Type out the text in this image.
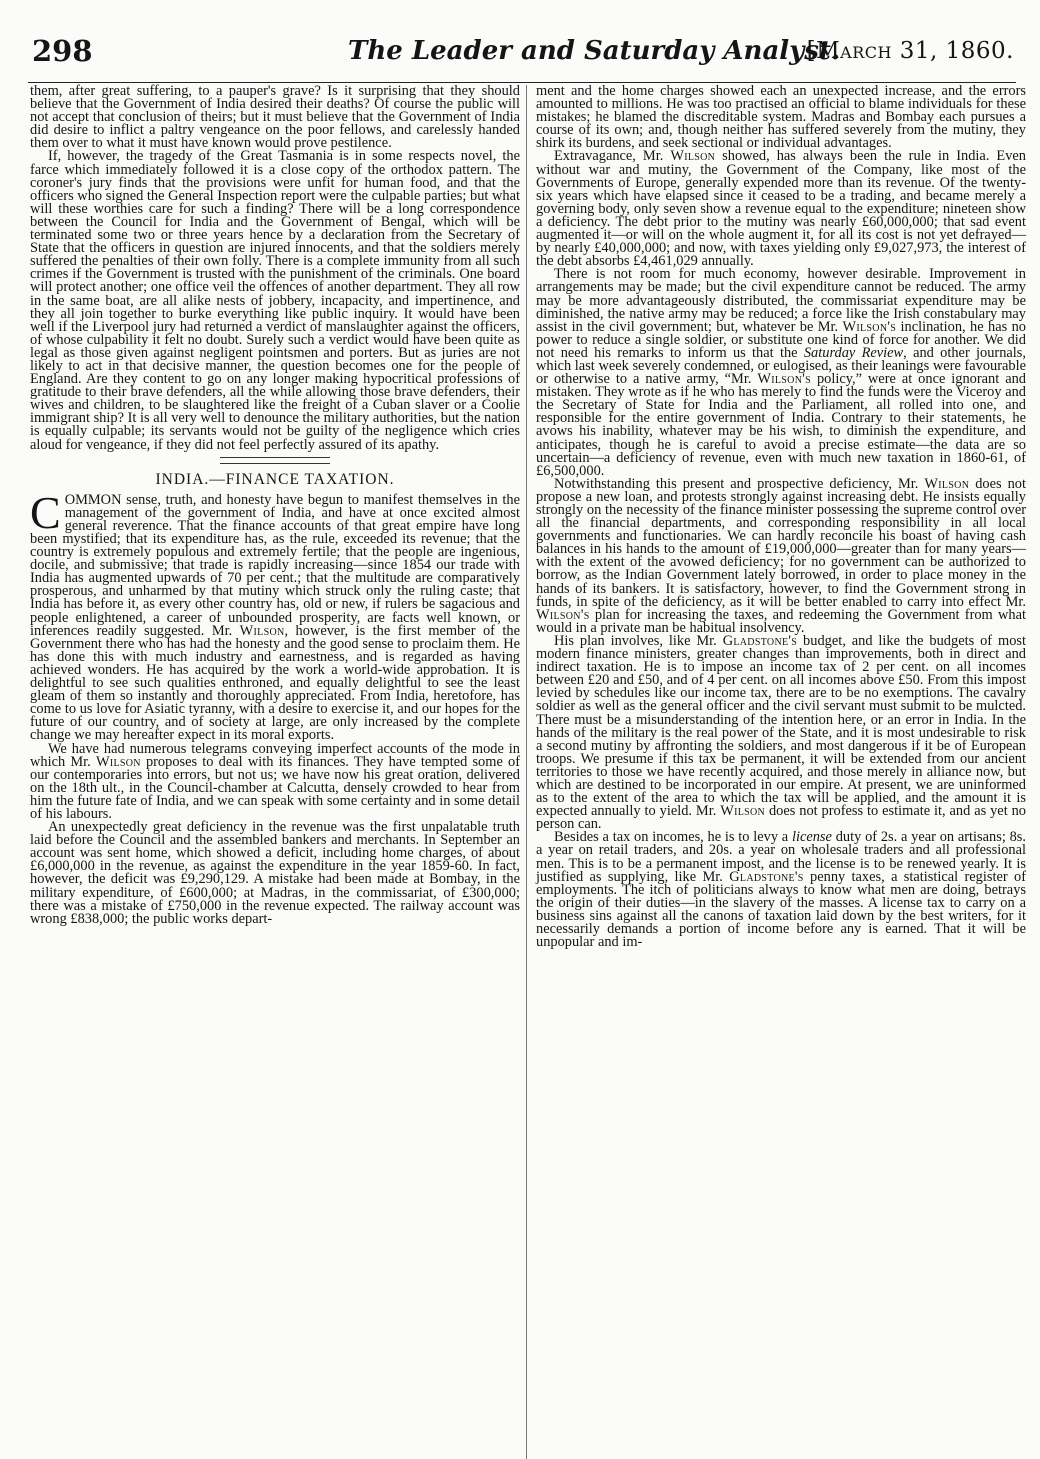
298	The Leader and Saturday Analyst.
[March 31, 1860.

them, after great suffering, to a pauper's grave? Is it surprising that they should believe that the Government of India desired their deaths? Of course the public will not accept that conclusion of theirs; but it must believe that the Government of India did desire to inflict a paltry vengeance on the poor fellows, and carelessly handed them over to what it must have known would prove pestilence.

If, however, the tragedy of the Great Tasmania is in some respects novel, the farce which immediately followed it is a close copy of the orthodox pattern. The coroner's jury finds that the provisions were unfit for human food, and that the officers who signed the General Inspection report were the culpable parties; but what will these worthies care for such a finding? There will be a long correspondence between the Council for India and the Government of Bengal, which will be terminated some two or three years hence by a declaration from the Secretary of State that the officers in question are injured innocents, and that the soldiers merely suffered the penalties of their own folly. There is a complete immunity from all such crimes if the Government is trusted with the punishment of the criminals. One board will protect another; one office veil the offences of another department. They all row in the same boat, are all alike nests of jobbery, incapacity, and impertinence, and they all join together to burke everything like public inquiry. It would have been well if the Liverpool jury had returned a verdict of manslaughter against the officers, of whose culpability it felt no doubt. Surely such a verdict would have been quite as legal as those given against negligent pointsmen and porters. But as juries are not likely to act in that decisive manner, the question becomes one for the people of England. Are they content to go on any longer making hypocritical professions of gratitude to their brave defenders, all the while allowing those brave defenders, their wives and children, to be slaughtered like the freight of a Cuban slaver or a Coolie immigrant ship? It is all very well to denounce the military authorities, but the nation is equally culpable; its servants would not be guilty of the negligence which cries aloud for vengeance, if they did not feel perfectly assured of its apathy.

INDIA.—FINANCE TAXATION.

COMMON sense, truth, and honesty have begun to manifest themselves in the management of the government of India, and have at once excited almost general reverence. That the finance accounts of that great empire have long been mystified; that its expenditure has, as the rule, exceeded its revenue; that the country is extremely populous and extremely fertile; that the people are ingenious, docile, and submissive; that trade is rapidly increasing—since 1854 our trade with India has augmented upwards of 70 per cent.; that the multitude are comparatively prosperous, and unharmed by that mutiny which struck only the ruling caste; that India has before it, as every other country has, old or new, if rulers be sagacious and people enlightened, a career of unbounded prosperity, are facts well known, or inferences readily suggested. Mr. Wilson, however, is the first member of the Government there who has had the honesty and the good sense to proclaim them. He has done this with much industry and earnestness, and is regarded as having achieved wonders. He has acquired by the work a world-wide approbation. It is delightful to see such qualities enthroned, and equally delightful to see the least gleam of them so instantly and thoroughly appreciated. From India, heretofore, has come to us love for Asiatic tyranny, with a desire to exercise it, and our hopes for the future of our country, and of society at large, are only increased by the complete change we may hereafter expect in its moral exports.

We have had numerous telegrams conveying imperfect accounts of the mode in which Mr. Wilson proposes to deal with its finances. They have tempted some of our contemporaries into errors, but not us; we have now his great oration, delivered on the 18th ult., in the Council-chamber at Calcutta, densely crowded to hear from him the future fate of India, and we can speak with some certainty and in some detail of his labours.

An unexpectedly great deficiency in the revenue was the first unpalatable truth laid before the Council and the assembled bankers and merchants. In September an account was sent home, which showed a deficit, including home charges, of about £6,000,000 in the revenue, as against the expenditure in the year 1859-60. In fact, however, the deficit was £9,290,129. A mistake had been made at Bombay, in the military expenditure, of £600,000; at Madras, in the commissariat, of £300,000; there was a mistake of £750,000 in the revenue expected. The railway account was wrong £838,000; the public works depart-

ment and the home charges showed each an unexpected increase, and the errors amounted to millions. He was too practised an official to blame individuals for these mistakes; he blamed the discreditable system. Madras and Bombay each pursues a course of its own; and, though neither has suffered severely from the mutiny, they shirk its burdens, and seek sectional or individual advantages.

Extravagance, Mr. Wilson showed, has always been the rule in India. Even without war and mutiny, the Government of the Company, like most of the Governments of Europe, generally expended more than its revenue. Of the twenty-six years which have elapsed since it ceased to be a trading, and became merely a governing body, only seven show a revenue equal to the expenditure; nineteen show a deficiency. The debt prior to the mutiny was nearly £60,000,000; that sad event augmented it—or will on the whole augment it, for all its cost is not yet defrayed—by nearly £40,000,000; and now, with taxes yielding only £9,027,973, the interest of the debt absorbs £4,461,029 annually.

There is not room for much economy, however desirable. Improvement in arrangements may be made; but the civil expenditure cannot be reduced. The army may be more advantageously distributed, the commissariat expenditure may be diminished, the native army may be reduced; a force like the Irish constabulary may assist in the civil government; but, whatever be Mr. Wilson's inclination, he has no power to reduce a single soldier, or substitute one kind of force for another. We did not need his remarks to inform us that the Saturday Review, and other journals, which last week severely condemned, or eulogised, as their leanings were favourable or otherwise to a native army, “Mr. Wilson's policy,” were at once ignorant and mistaken. They wrote as if he who has merely to find the funds were the Viceroy and the Secretary of State for India and the Parliament, all rolled into one, and responsible for the entire government of India. Contrary to their statements, he avows his inability, whatever may be his wish, to diminish the expenditure, and anticipates, though he is careful to avoid a precise estimate—the data are so uncertain—a deficiency of revenue, even with much new taxation in 1860-61, of £6,500,000.

Notwithstanding this present and prospective deficiency, Mr. Wilson does not propose a new loan, and protests strongly against increasing debt. He insists equally strongly on the necessity of the finance minister possessing the supreme control over all the financial departments, and corresponding responsibility in all local governments and functionaries. We can hardly reconcile his boast of having cash balances in his hands to the amount of £19,000,000—greater than for many years—with the extent of the avowed deficiency; for no government can be authorized to borrow, as the Indian Government lately borrowed, in order to place money in the hands of its bankers. It is satisfactory, however, to find the Government strong in funds, in spite of the deficiency, as it will be better enabled to carry into effect Mr. Wilson's plan for increasing the taxes, and redeeming the Government from what would in a private man be habitual insolvency.

His plan involves, like Mr. Gladstone's budget, and like the budgets of most modern finance ministers, greater changes than improvements, both in direct and indirect taxation. He is to impose an income tax of 2 per cent. on all incomes between £20 and £50, and of 4 per cent. on all incomes above £50. From this impost levied by schedules like our income tax, there are to be no exemptions. The cavalry soldier as well as the general officer and the civil servant must submit to be mulcted. There must be a misunderstanding of the intention here, or an error in India. In the hands of the military is the real power of the State, and it is most undesirable to risk a second mutiny by affronting the soldiers, and most dangerous if it be of European troops. We presume if this tax be permanent, it will be extended from our ancient territories to those we have recently acquired, and those merely in alliance now, but which are destined to be incorporated in our empire. At present, we are uninformed as to the extent of the area to which the tax will be applied, and the amount it is expected annually to yield. Mr. Wilson does not profess to estimate it, and as yet no person can.

Besides a tax on incomes, he is to levy a license duty of 2s. a year on artisans; 8s. a year on retail traders, and 20s. a year on wholesale traders and all professional men. This is to be a permanent impost, and the license is to be renewed yearly. It is justified as supplying, like Mr. Gladstone's penny taxes, a statistical register of employments. The itch of politicians always to know what men are doing, betrays the origin of their duties—in the slavery of the masses. A license tax to carry on a business sins against all the canons of taxation laid down by the best writers, for it necessarily demands a portion of income before any is earned. That it will be unpopular and im-
